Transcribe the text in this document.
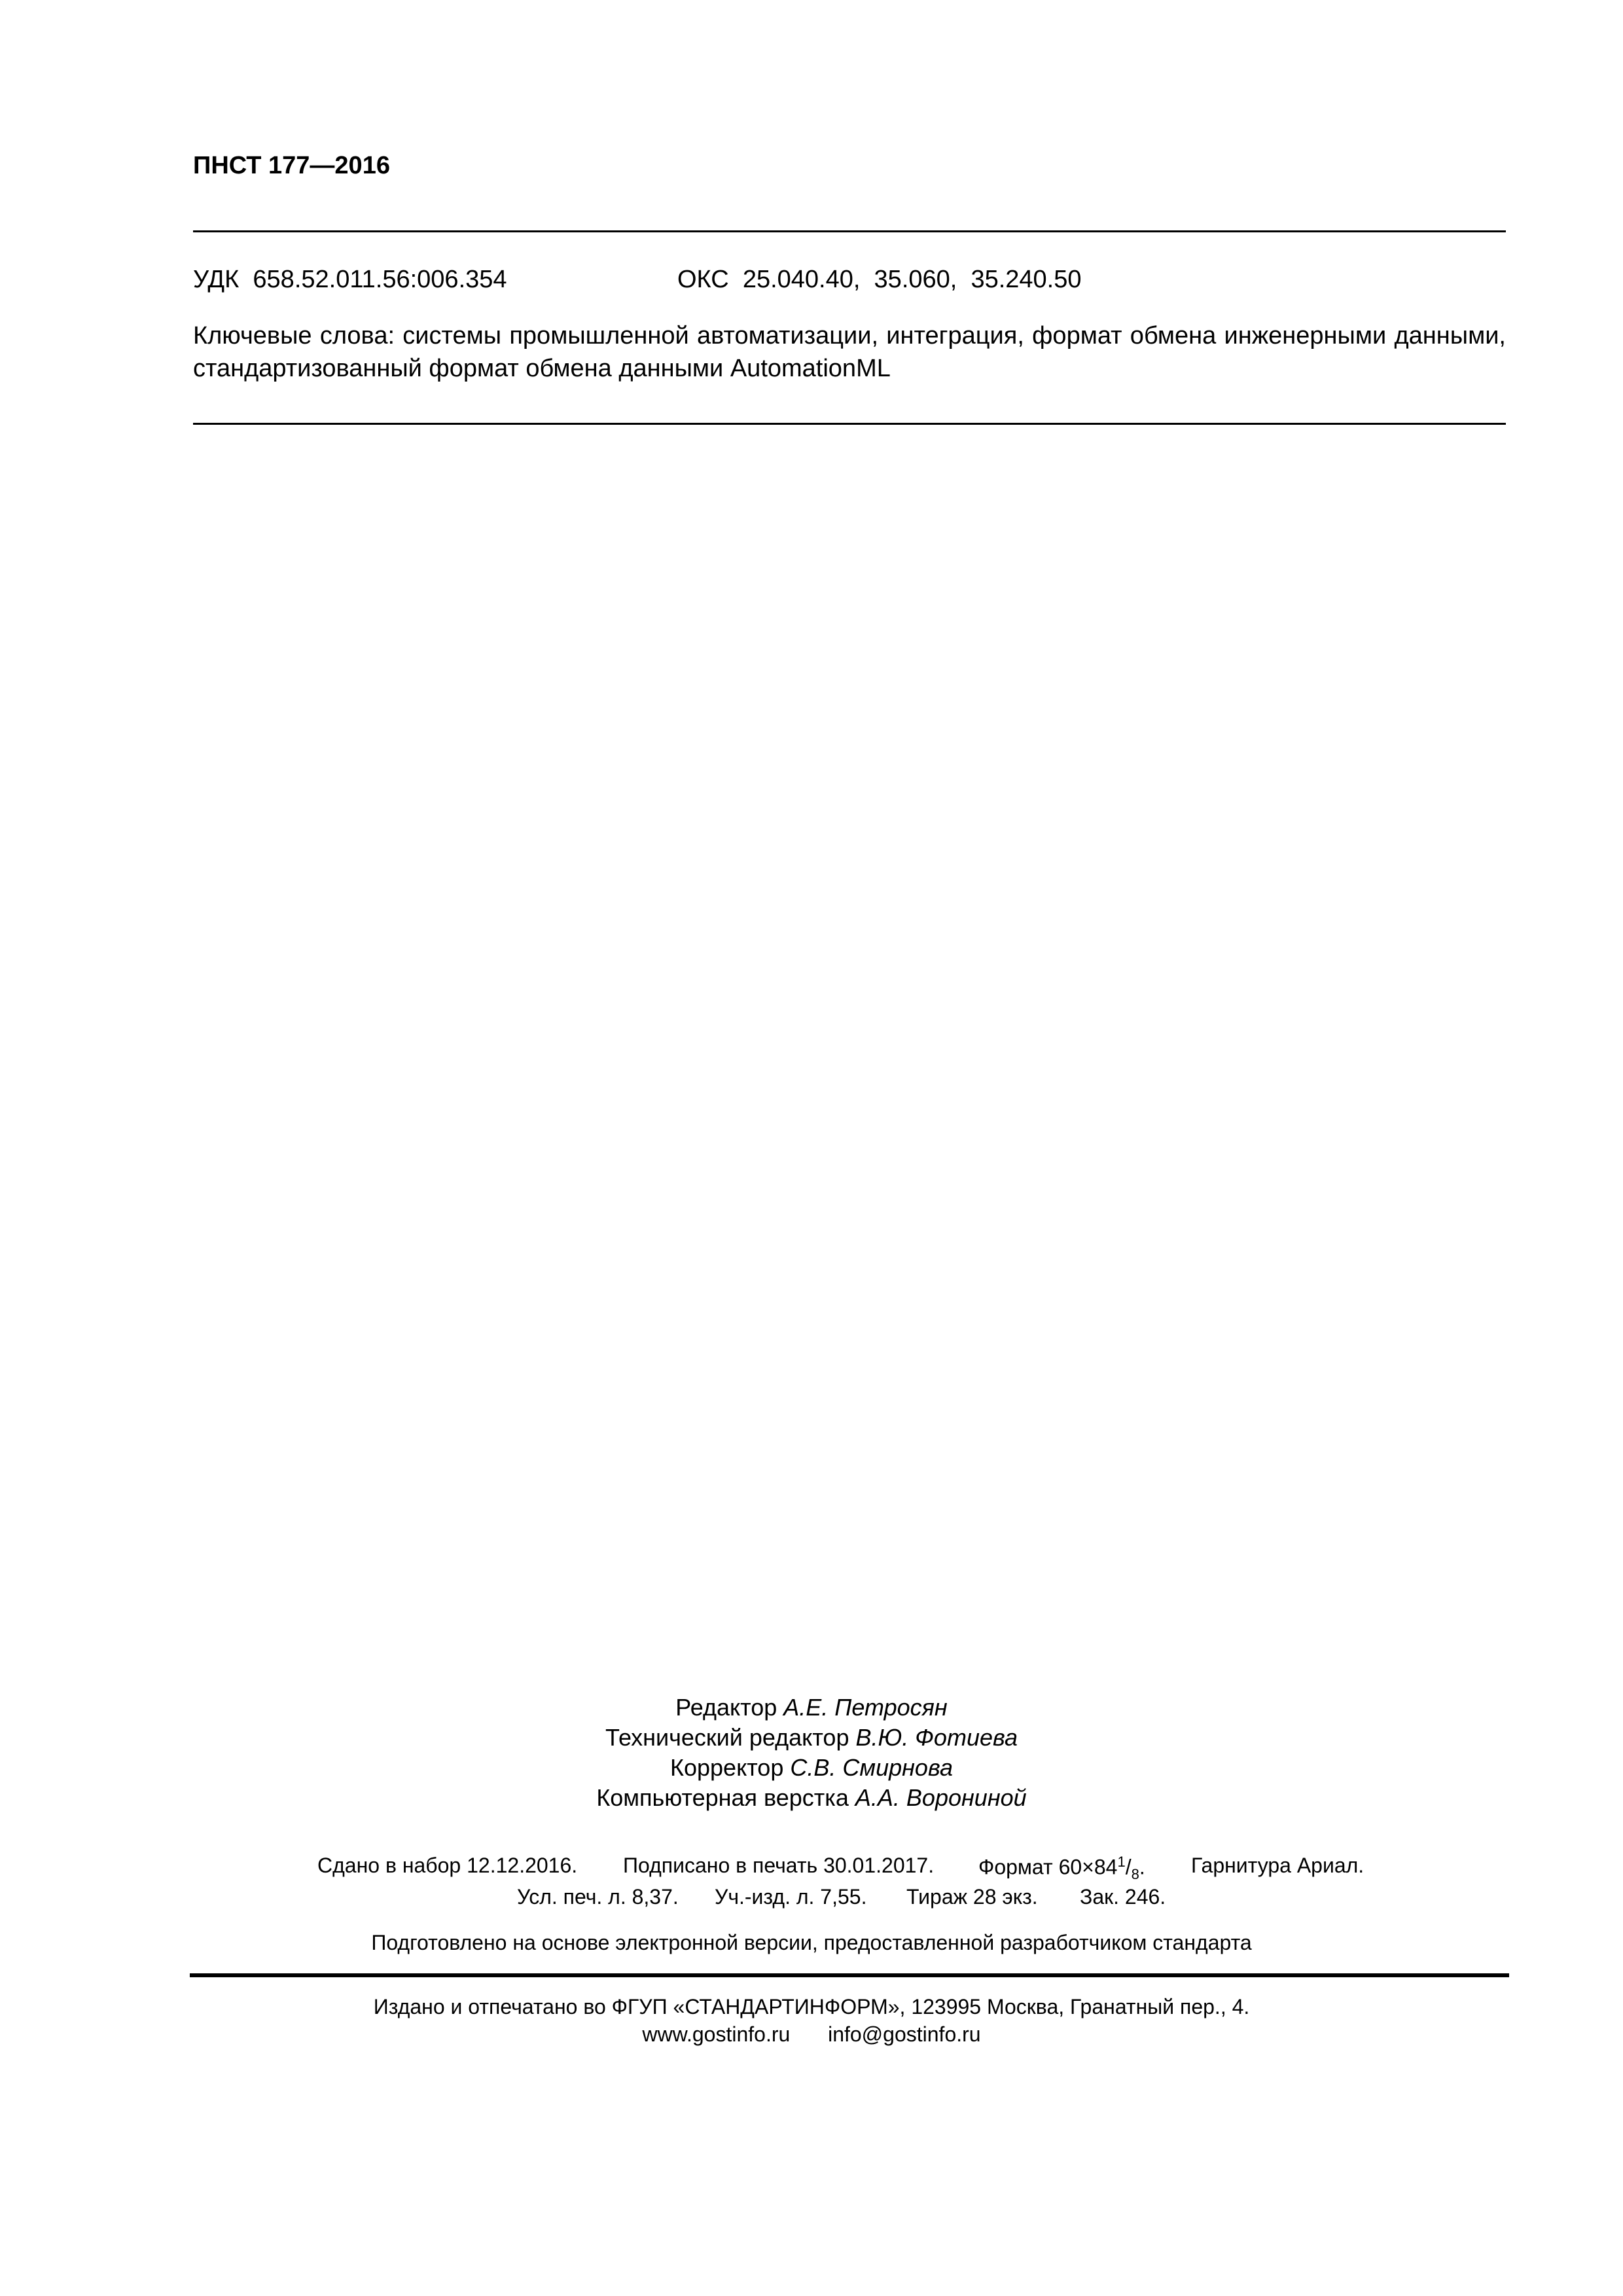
ПНСТ 177—2016
УДК  658.52.011.56:006.354	ОКС  25.040.40,  35.060,  35.240.50
Ключевые слова: системы промышленной автоматизации, интеграция, формат обмена инженерными данными, стандартизованный формат обмена данными AutomationML
Редактор А.Е. Петросян
Технический редактор В.Ю. Фотиева
Корректор С.В. Смирнова
Компьютерная верстка А.А. Ворониной
Сдано в набор 12.12.2016. Подписано в печать 30.01.2017. Формат $60\times 84^1/_8$. Гарнитура Ариал.
Усл. печ. л. 8,37. Уч.-изд. л. 7,55. Тираж 28 экз. Зак. 246.
Подготовлено на основе электронной версии, предоставленной разработчиком стандарта
Издано и отпечатано во ФГУП «СТАНДАРТИНФОРМ», 123995 Москва, Гранатный пер., 4.
www.gostinfo.ru info@gostinfo.ru
